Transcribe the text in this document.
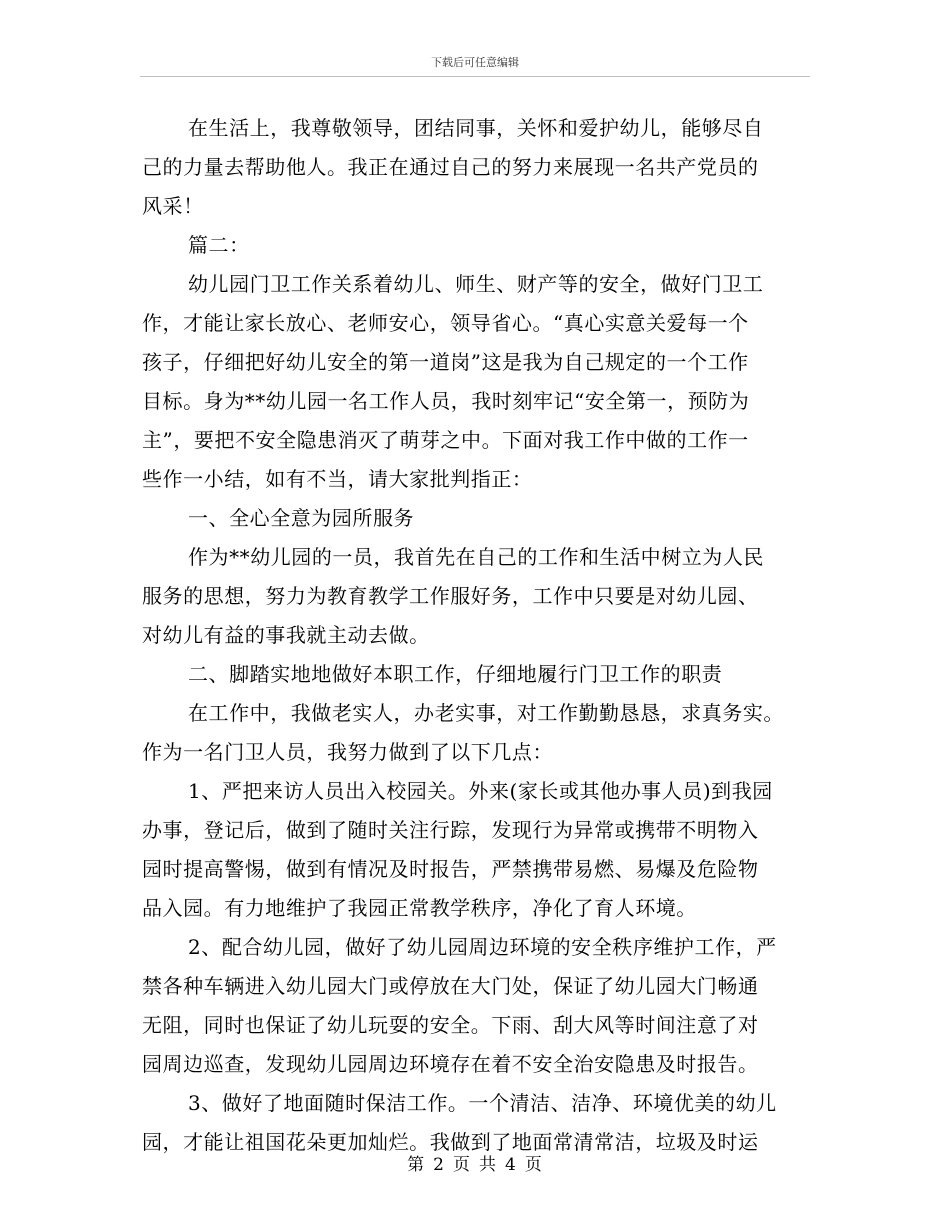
下载后可任意编辑
在生活上，我尊敬领导，团结同事，关怀和爱护幼儿，能够尽自
己的力量去帮助他人。我正在通过自己的努力来展现一名共产党员的
风采！
篇二：
幼儿园门卫工作关系着幼儿、师生、财产等的安全，做好门卫工
作，才能让家长放心、老师安心，领导省心。“真心实意关爱每一个
孩子，仔细把好幼儿安全的第一道岗”这是我为自己规定的一个工作
目标。身为**幼儿园一名工作人员，我时刻牢记“安全第一，预防为
主”，要把不安全隐患消灭了萌芽之中。下面对我工作中做的工作一
些作一小结，如有不当，请大家批判指正：
一、全心全意为园所服务
作为**幼儿园的一员，我首先在自己的工作和生活中树立为人民
服务的思想，努力为教育教学工作服好务，工作中只要是对幼儿园、
对幼儿有益的事我就主动去做。
二、脚踏实地地做好本职工作，仔细地履行门卫工作的职责
在工作中，我做老实人，办老实事，对工作勤勤恳恳，求真务实。
作为一名门卫人员，我努力做到了以下几点：
1、严把来访人员出入校园关。外来(家长或其他办事人员)到我园
办事，登记后，做到了随时关注行踪，发现行为异常或携带不明物入
园时提高警惕，做到有情况及时报告，严禁携带易燃、易爆及危险物
品入园。有力地维护了我园正常教学秩序，净化了育人环境。
2、配合幼儿园，做好了幼儿园周边环境的安全秩序维护工作，严
禁各种车辆进入幼儿园大门或停放在大门处，保证了幼儿园大门畅通
无阻，同时也保证了幼儿玩耍的安全。下雨、刮大风等时间注意了对
园周边巡查，发现幼儿园周边环境存在着不安全治安隐患及时报告。
3、做好了地面随时保洁工作。一个清洁、洁净、环境优美的幼儿
园，才能让祖国花朵更加灿烂。我做到了地面常清常洁，垃圾及时运
第 2 页 共 4 页
